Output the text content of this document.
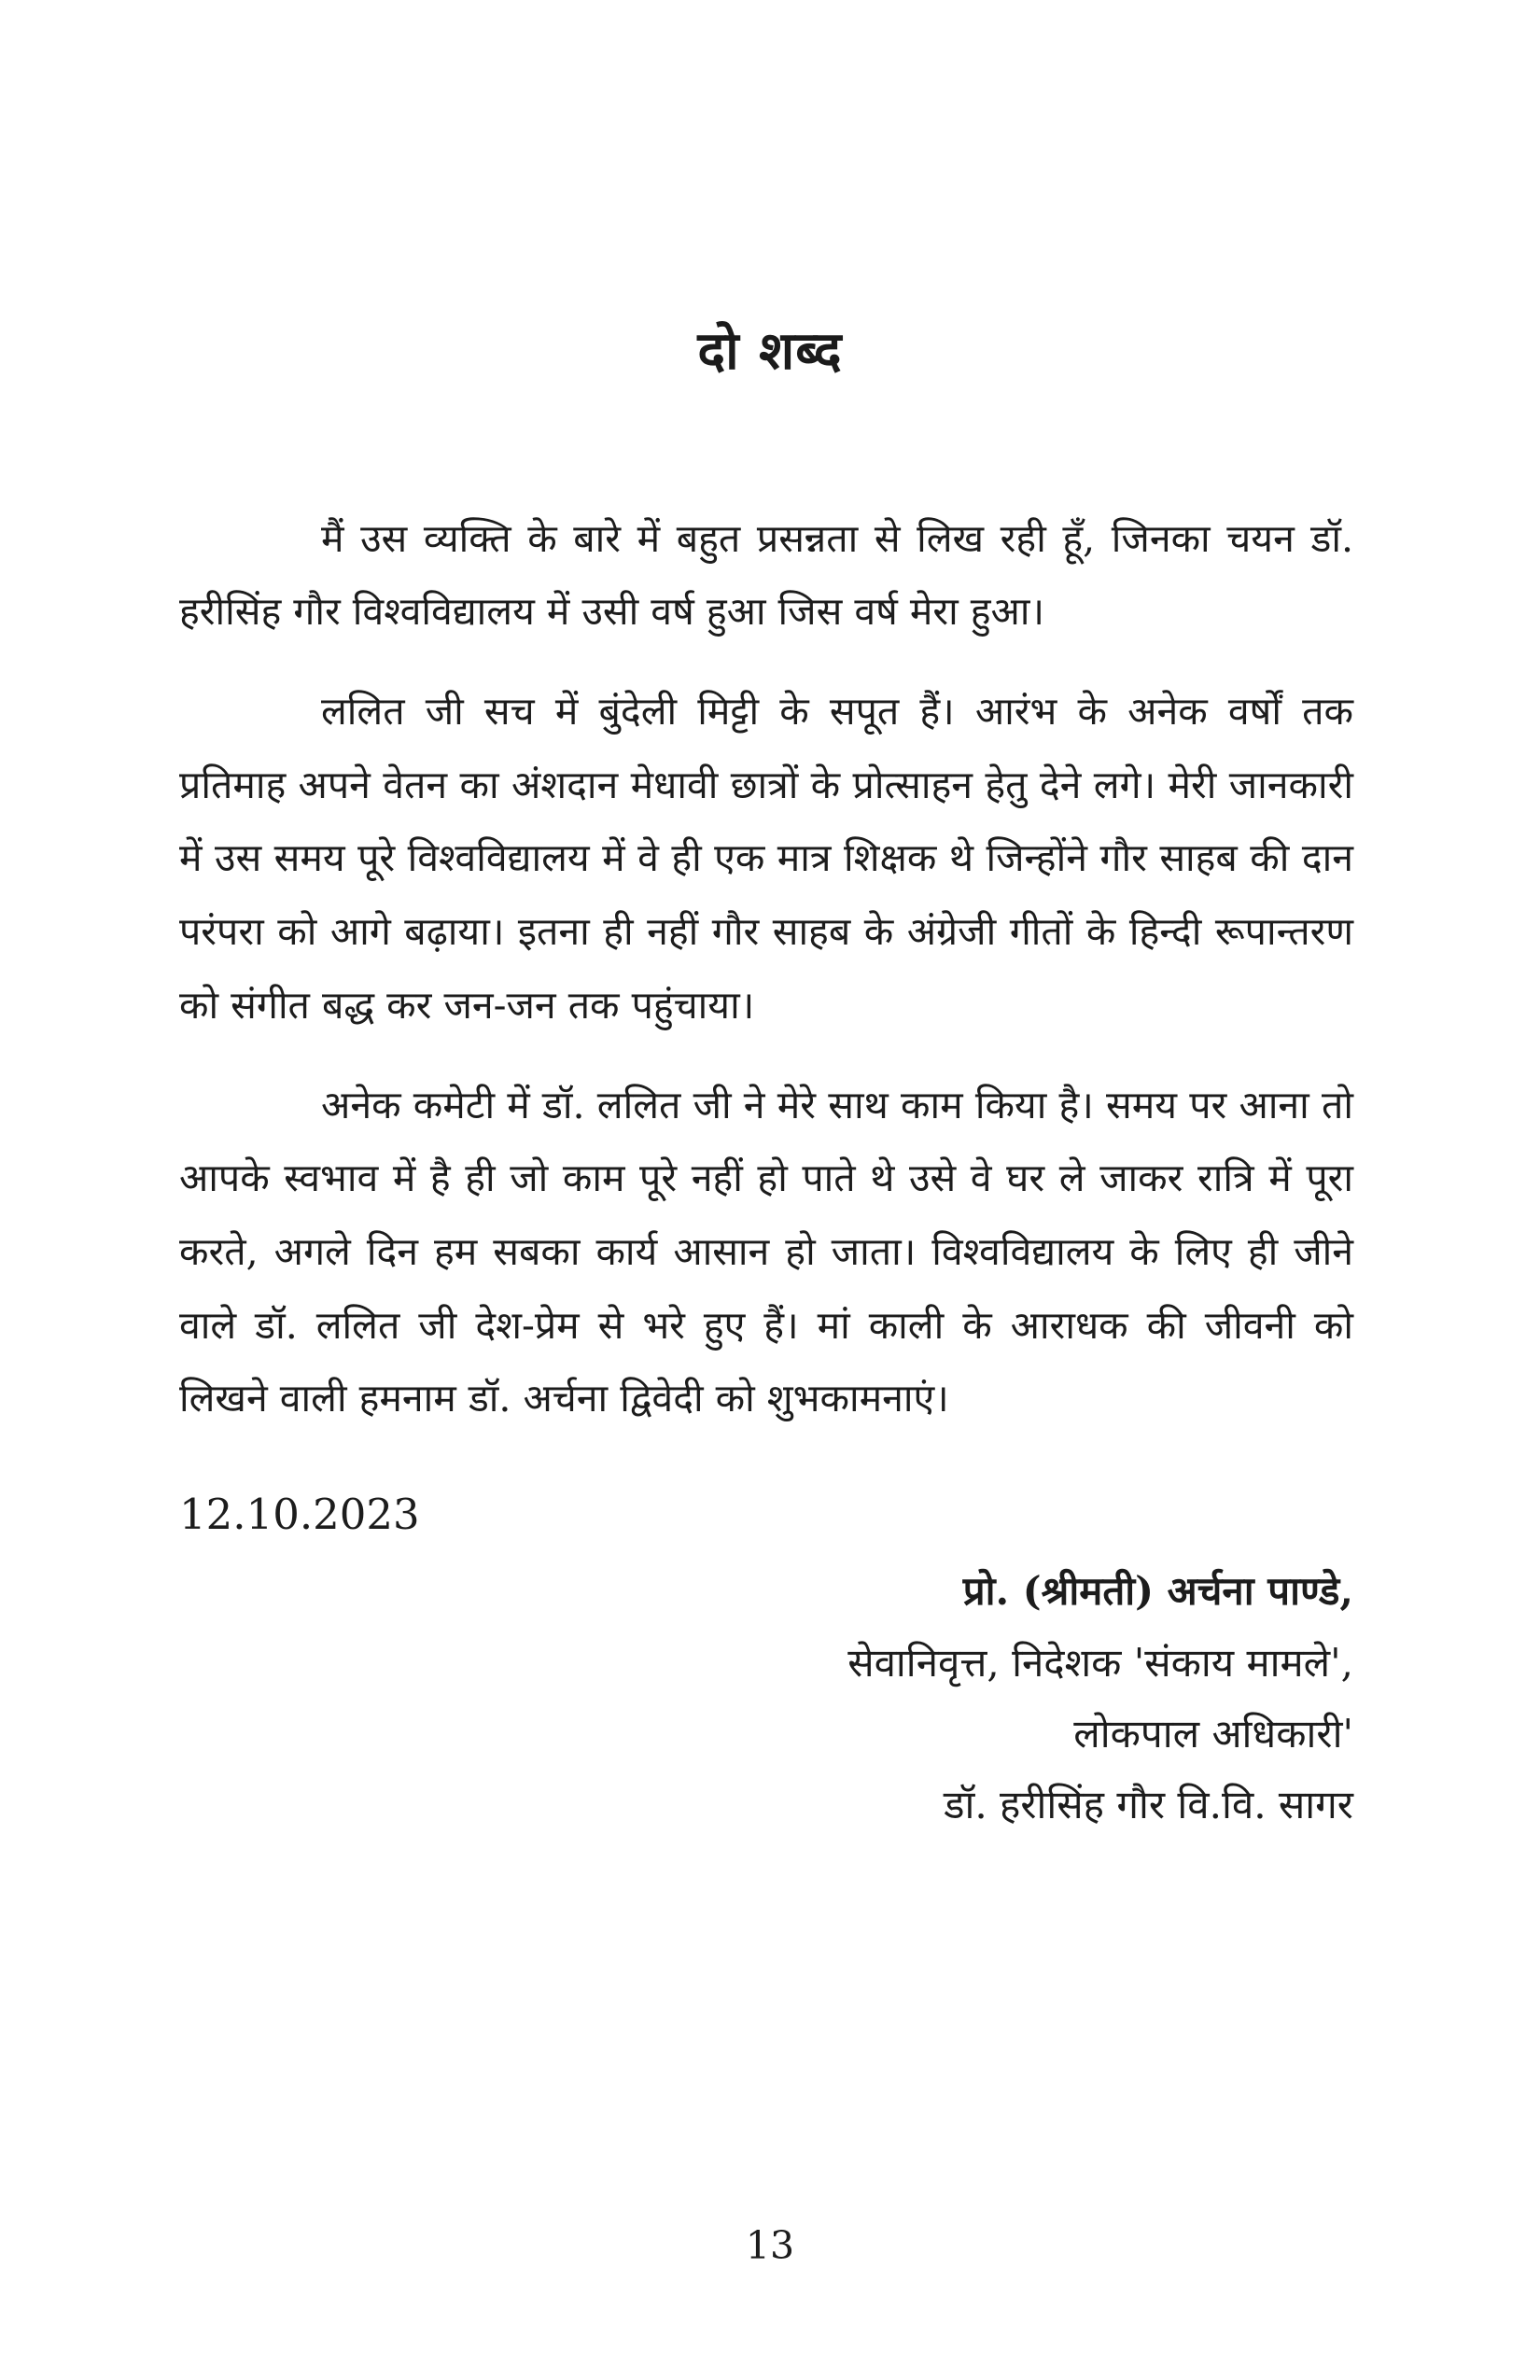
दो शब्द

मैं उस व्यक्ति के बारे में बहुत प्रसन्नता से लिख रही हूँ, जिनका चयन डॉ. हरीसिंह गौर विश्वविद्यालय में उसी वर्ष हुआ जिस वर्ष मेरा हुआ।

ललित जी सच में बुंदेली मिट्टी के सपूत हैं। आरंभ के अनेक वर्षों तक प्रतिमाह अपने वेतन का अंशदान मेधावी छात्रों के प्रोत्साहन हेतु देने लगे। मेरी जानकारी में उस समय पूरे विश्वविद्यालय में वे ही एक मात्र शिक्षक थे जिन्होंने गौर साहब की दान परंपरा को आगे बढ़ाया। इतना ही नहीं गौर साहब के अंग्रेजी गीतों के हिन्दी रूपान्तरण को संगीत बद्ध कर जन-जन तक पहुंचाया।

अनेक कमेटी में डॉ. ललित जी ने मेरे साथ काम किया है। समय पर आना तो आपके स्वभाव में है ही जो काम पूरे नहीं हो पाते थे उसे वे घर ले जाकर रात्रि में पूरा करते, अगले दिन हम सबका कार्य आसान हो जाता। विश्वविद्यालय के लिए ही जीने वाले डॉ. ललित जी देश-प्रेम से भरे हुए हैं। मां काली के आराधक की जीवनी को लिखने वाली हमनाम डॉ. अर्चना द्विवेदी को शुभकामनाएं।

12.10.2023
प्रो. (श्रीमती) अर्चना पाण्डे,
सेवानिवृत्त, निदेशक 'संकाय मामले',
लोकपाल अधिकारी'
डॉ. हरीसिंह गौर वि.वि. सागर
13
